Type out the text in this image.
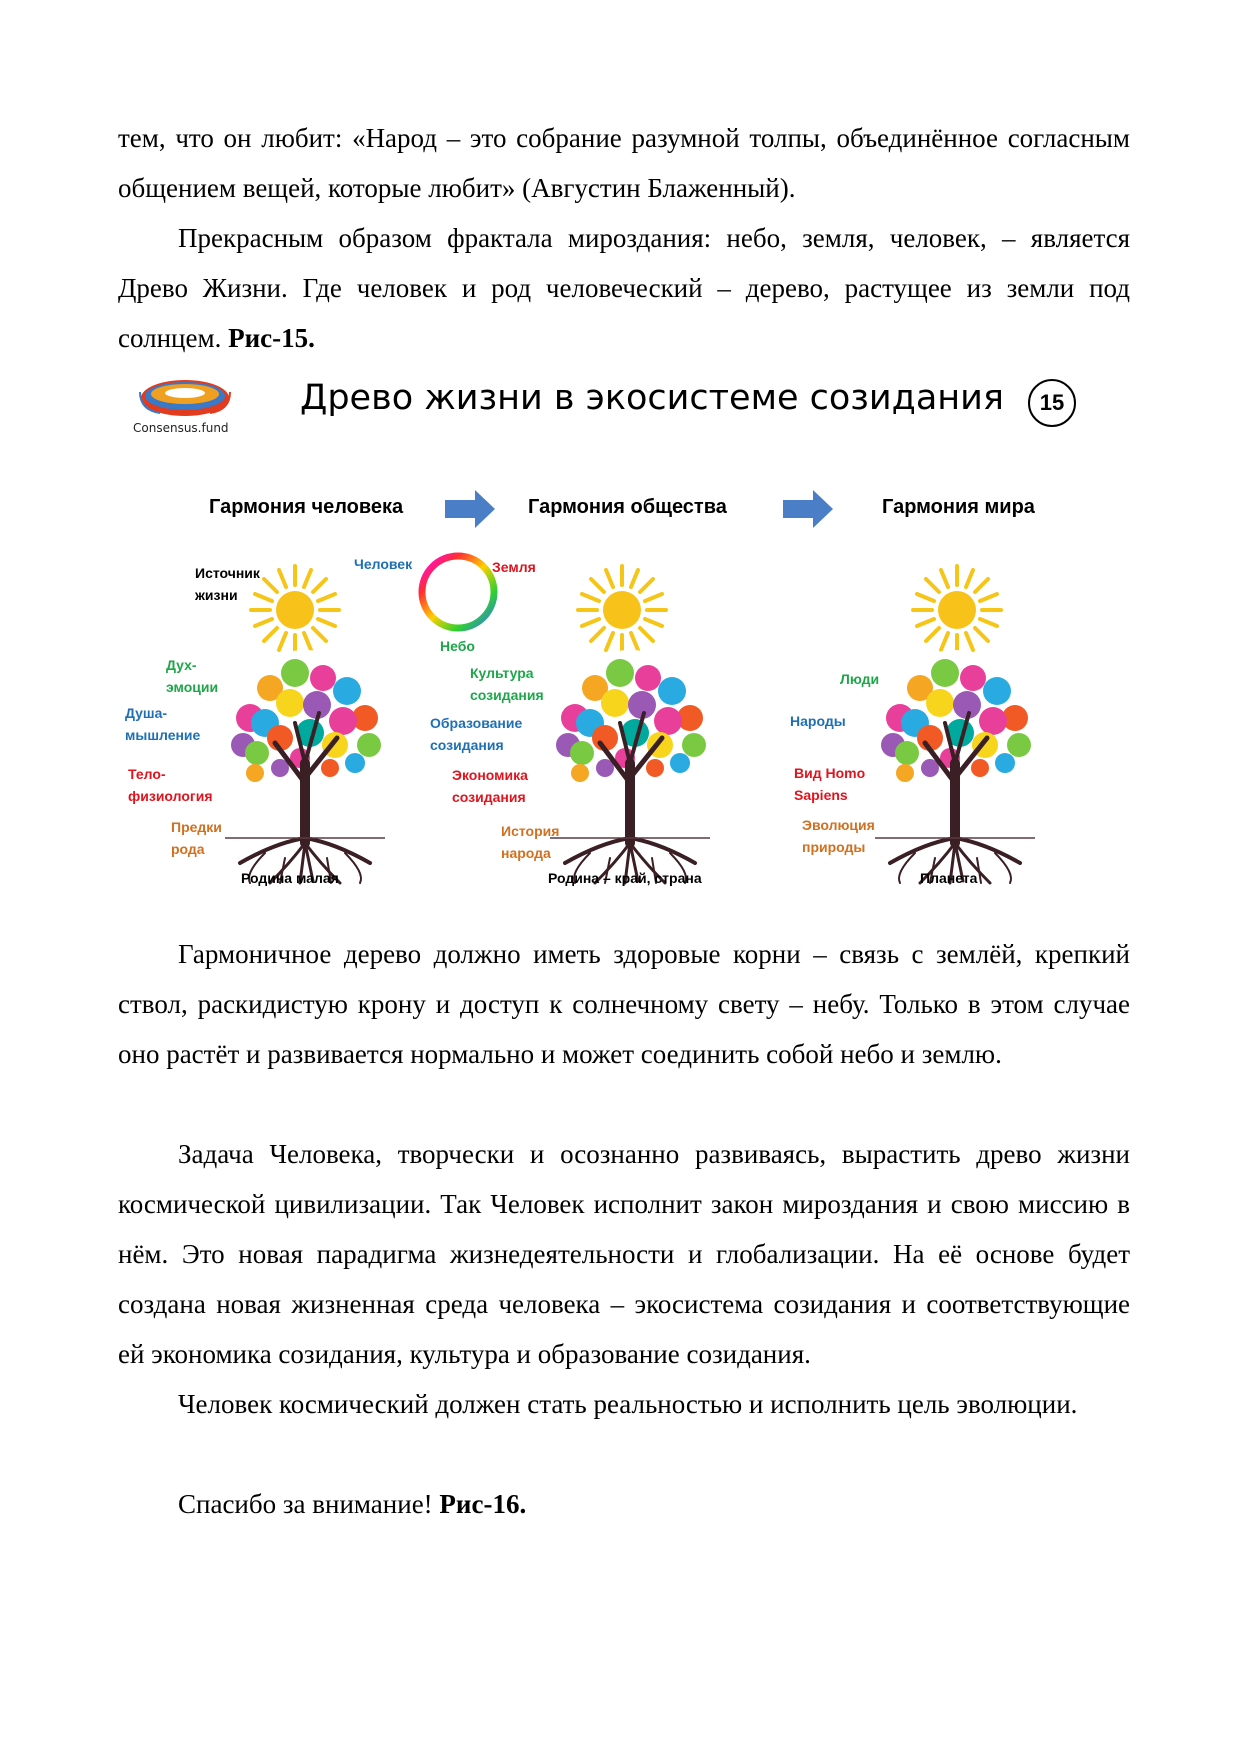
тем, что он любит: «Народ – это собрание разумной толпы, объединённое согласным общением вещей, которые любит» (Августин Блаженный).

Прекрасным образом фрактала мироздания: небо, земля, человек, – является Древо Жизни. Где человек и род человеческий – дерево, растущее из земли под солнцем. Рис-15.

Consensus.fund
Древо жизни в экосистеме созидания	15
Гармония человека	Гармония общества	Гармония мира
Человек	Земля
Небо
Источник
жизни
Дух-
эмоции
Душа-
мышление
Тело-
физиология
Предки
рода
Культура
созидания
Образование
созидания
Экономика
созидания
История
народа
Люди
Народы
Вид Homo
Sapiens
Эволюция
природы
Родина малая	Родина – край, страна	Планета

Гармоничное дерево должно иметь здоровые корни – связь с землёй, крепкий ствол, раскидистую крону и доступ к солнечному свету – небу. Только в этом случае оно растёт и развивается нормально и может соединить собой небо и землю.

Задача Человека, творчески и осознанно развиваясь, вырастить древо жизни космической цивилизации. Так Человек исполнит закон мироздания и свою миссию в нём. Это новая парадигма жизнедеятельности и глобализации. На её основе будет создана новая жизненная среда человека – экосистема созидания и соответствующие ей экономика созидания, культура и образование созидания.

Человек космический должен стать реальностью и исполнить цель эволюции.

Спасибо за внимание! Рис-16.
